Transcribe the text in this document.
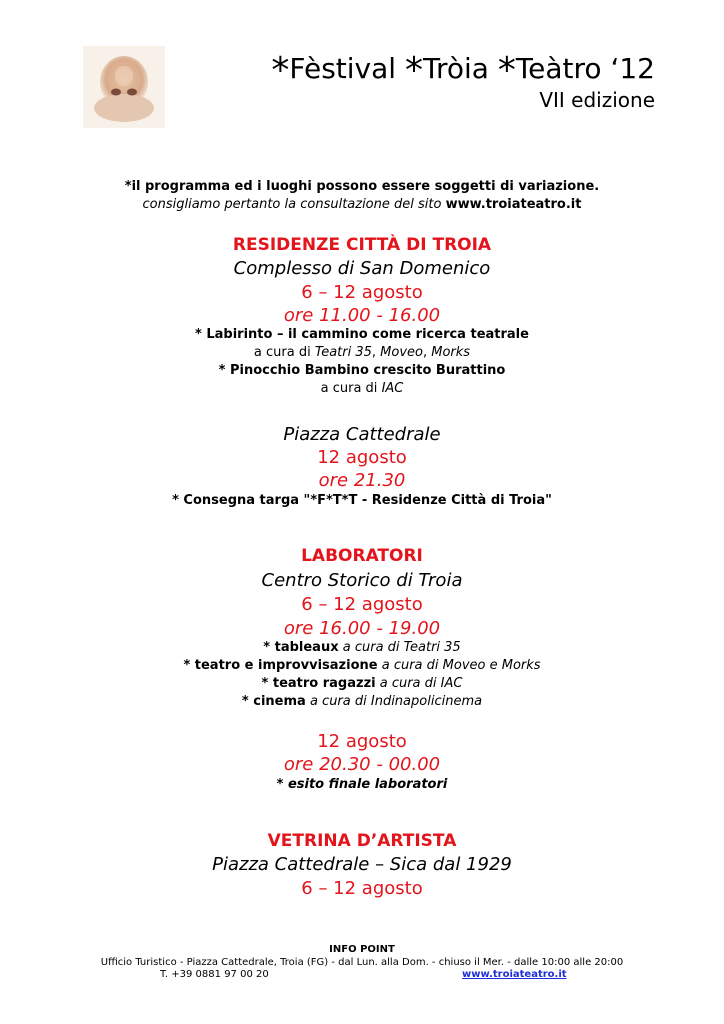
*Fèstival *Tròia *Teàtro ‘12
VII edizione
*il programma ed i luoghi possono essere soggetti di variazione.
consigliamo pertanto la consultazione del sito www.troiateatro.it
RESIDENZE CITTÀ DI TROIA
Complesso di San Domenico
6 – 12 agosto
ore 11.00 - 16.00
* Labirinto – il cammino come ricerca teatrale
a cura di Teatri 35, Moveo, Morks
* Pinocchio Bambino crescito Burattino
a cura di IAC
Piazza Cattedrale
12 agosto
ore 21.30
* Consegna targa "*F*T*T - Residenze Città di Troia"
LABORATORI
Centro Storico di Troia
6 – 12 agosto
ore 16.00 - 19.00
* tableaux a cura di Teatri 35
* teatro e improvvisazione a cura di Moveo e Morks
* teatro ragazzi a cura di IAC
* cinema a cura di Indinapolicinema
12 agosto
ore 20.30 - 00.00
* esito finale laboratori
VETRINA D’ARTISTA
Piazza Cattedrale – Sica dal 1929
6 – 12 agosto
INFO POINT
Ufficio Turistico - Piazza Cattedrale, Troia (FG) - dal Lun. alla Dom. - chiuso il Mer. - dalle 10:00 alle 20:00
T. +39 0881 97 00 20	www.troiateatro.it
